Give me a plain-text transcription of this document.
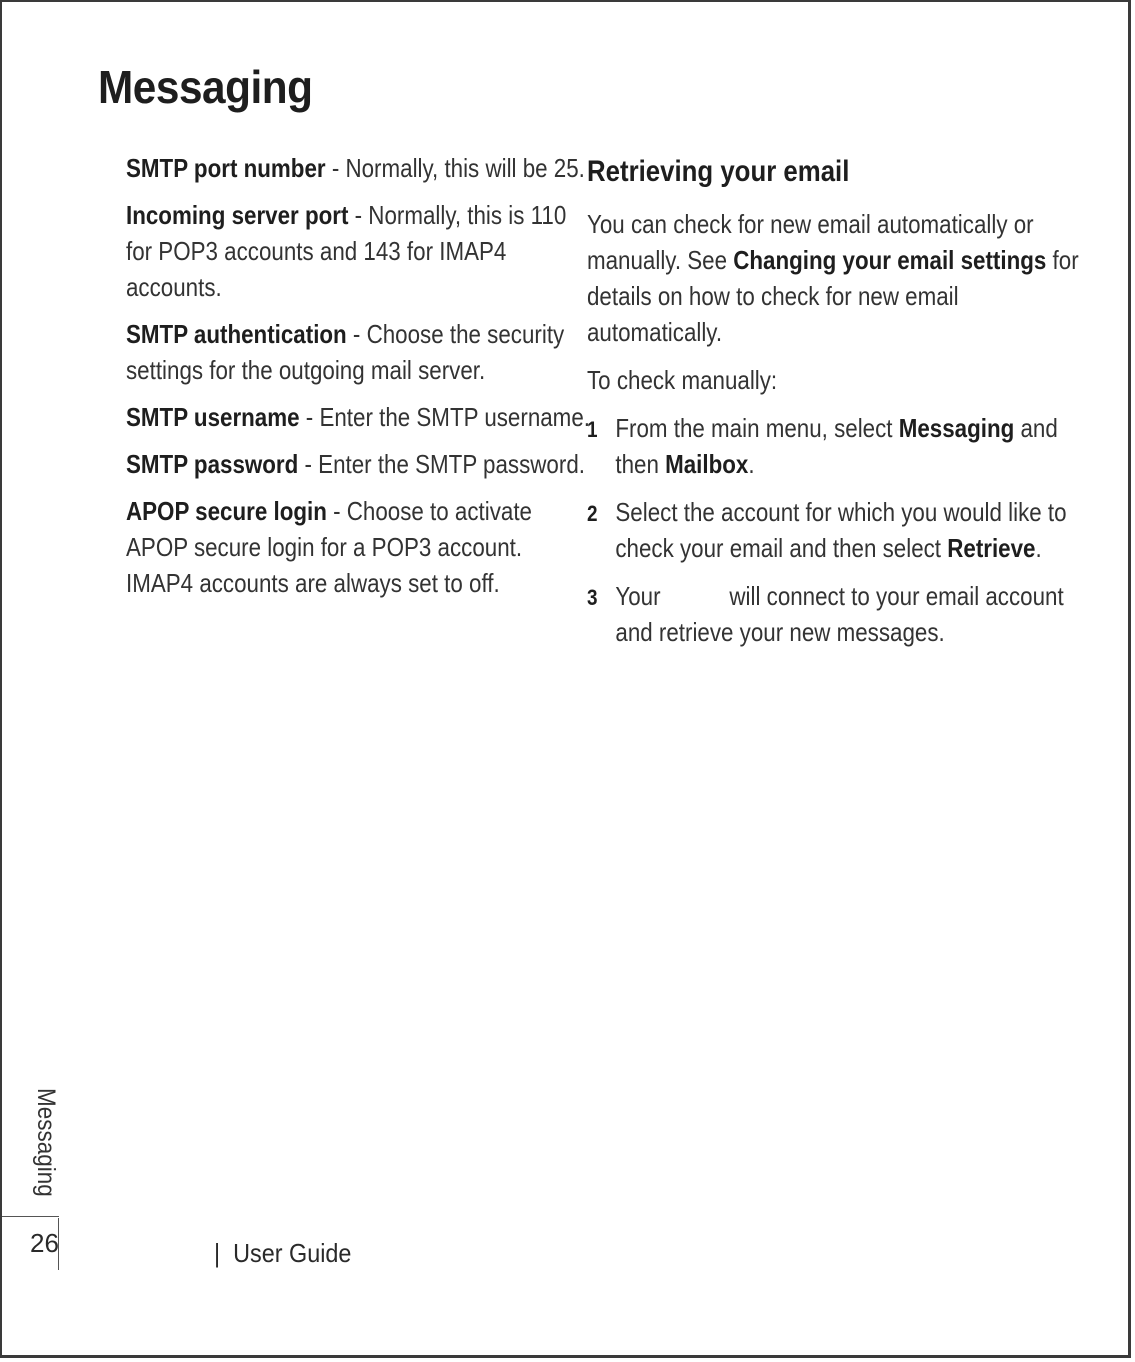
Messaging

SMTP port number - Normally, this will be 25.

Incoming server port - Normally, this is 110 for POP3 accounts and 143 for IMAP4 accounts.

SMTP authentication - Choose the security settings for the outgoing mail server.

SMTP username - Enter the SMTP username.

SMTP password - Enter the SMTP password.

APOP secure login - Choose to activate APOP secure login for a POP3 account. IMAP4 accounts are always set to off.

Retrieving your email

You can check for new email automatically or manually. See Changing your email settings for details on how to check for new email automatically.

To check manually:

1 From the main menu, select Messaging and then Mailbox.
2 Select the account for which you would like to check your email and then select Retrieve.
3 Your	will connect to your email account and retrieve your new messages.
Messaging
26	| User Guide
